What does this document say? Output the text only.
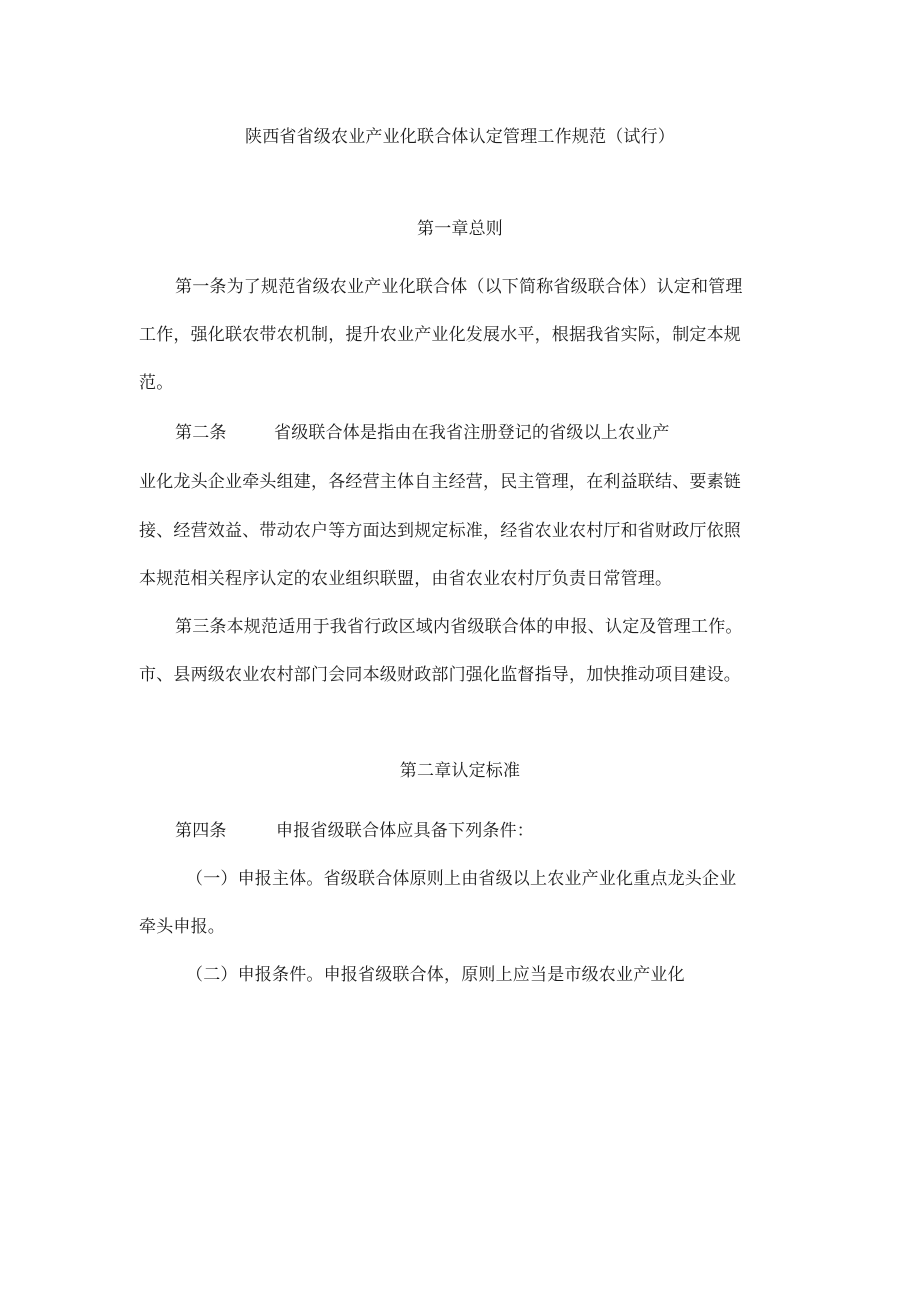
陕西省省级农业产业化联合体认定管理工作规范（试行）
第一章总则
第一条为了规范省级农业产业化联合体（以下简称省级联合体）认定和管理
工作，强化联农带农机制，提升农业产业化发展水平，根据我省实际，制定本规
范。
第二条	省级联合体是指由在我省注册登记的省级以上农业产
业化龙头企业牵头组建，各经营主体自主经营，民主管理，在利益联结、要素链
接、经营效益、带动农户等方面达到规定标准，经省农业农村厅和省财政厅依照
本规范相关程序认定的农业组织联盟，由省农业农村厅负责日常管理。
第三条本规范适用于我省行政区域内省级联合体的申报、认定及管理工作。
市、县两级农业农村部门会同本级财政部门强化监督指导，加快推动项目建设。
第二章认定标准
第四条	申报省级联合体应具备下列条件：
（一）申报主体。省级联合体原则上由省级以上农业产业化重点龙头企业
牵头申报。
（二）申报条件。申报省级联合体，原则上应当是市级农业产业化
